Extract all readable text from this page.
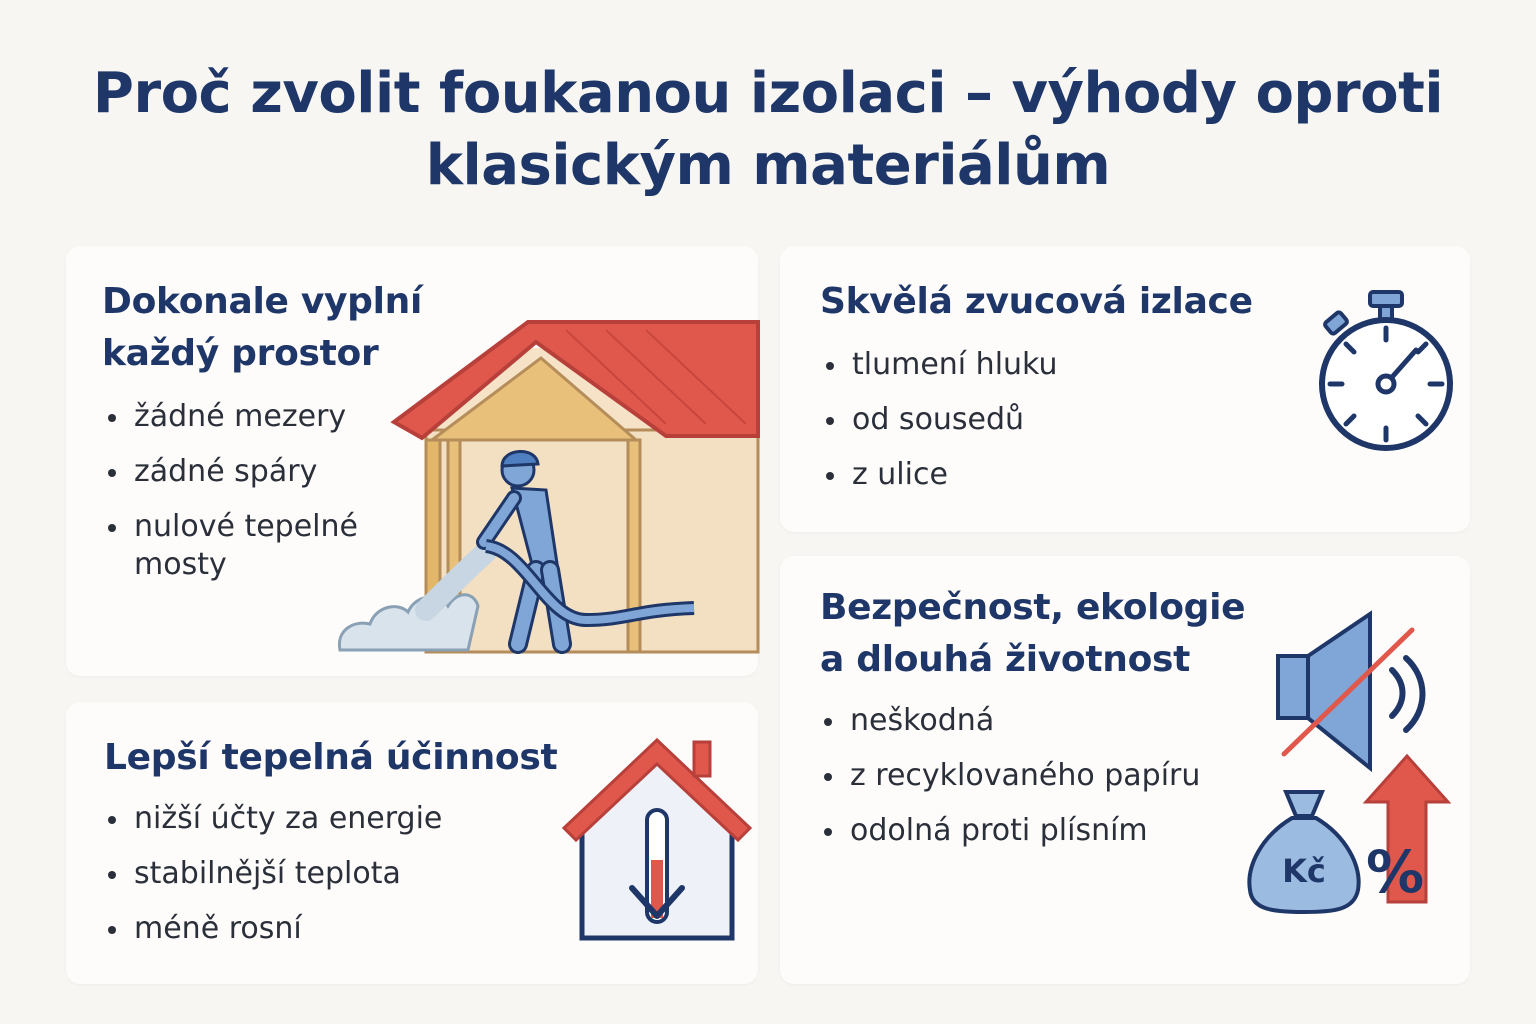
Proč zvolit foukanou izolaci – výhody oproti
klasickým materiálům
Dokonale vyplní
každý prostor
žádné mezery
zádné spáry
nulové tepelné mosty
Lepší tepelná účinnost
nižší účty za energie
stabilnější teplota
méně rosní
Skvělá zvucová izlace
tlumení hluku
od sousedů
z ulice
Bezpečnost, ekologie
a dlouhá životnost
neškodná
z recyklovaného papíru
odolná proti plísním
Kč %
